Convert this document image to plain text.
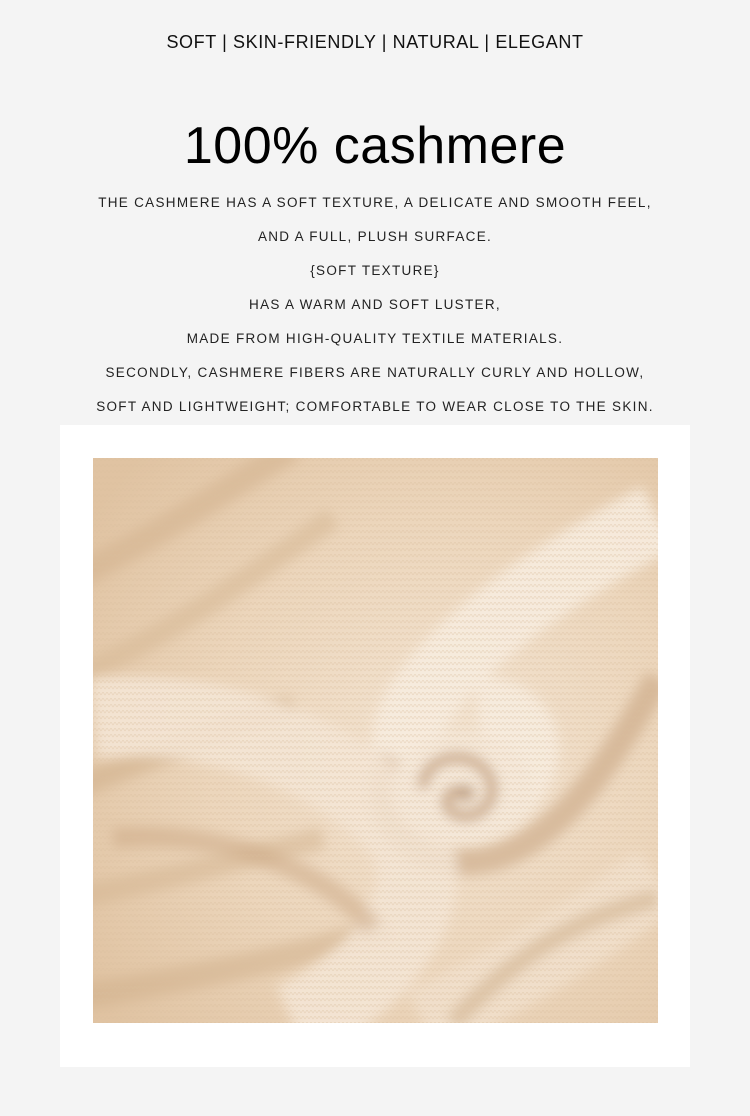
SOFT | SKIN-FRIENDLY | NATURAL | ELEGANT
100% cashmere
THE CASHMERE HAS A SOFT TEXTURE, A DELICATE AND SMOOTH FEEL,
AND A FULL, PLUSH SURFACE.
{SOFT TEXTURE}
HAS A WARM AND SOFT LUSTER,
MADE FROM HIGH-QUALITY TEXTILE MATERIALS.
SECONDLY, CASHMERE FIBERS ARE NATURALLY CURLY AND HOLLOW,
SOFT AND LIGHTWEIGHT; COMFORTABLE TO WEAR CLOSE TO THE SKIN.
